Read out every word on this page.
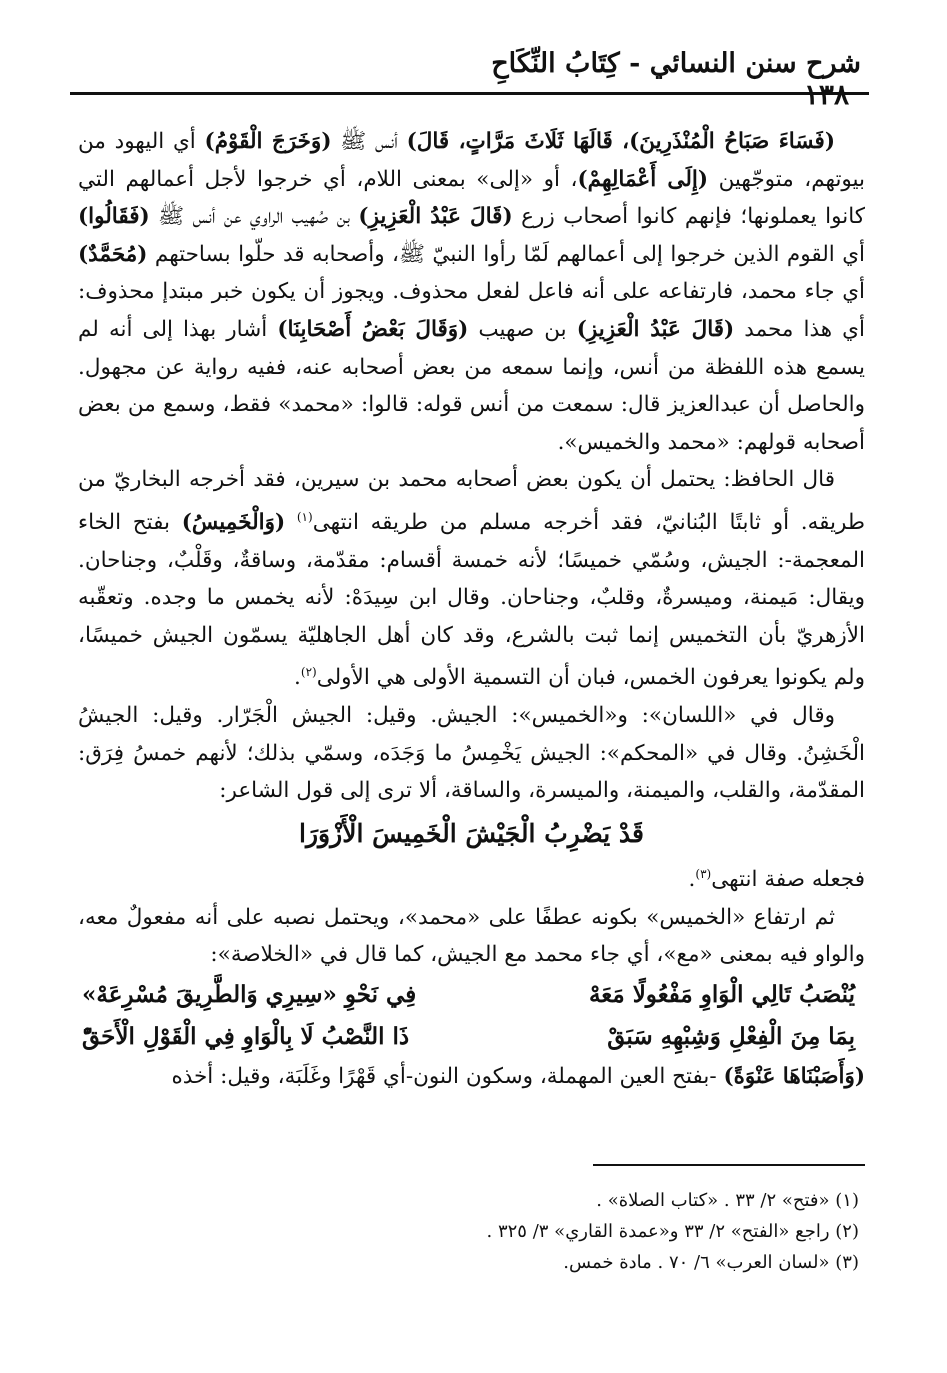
شرح سنن النسائي - كِتَابُ النِّكَاحِ
١٣٨

(فَسَاءَ صَبَاحُ الْمُنْذَرِينَ)، قَالَهَا ثَلَاثَ مَرَّاتٍ، قَالَ) أنس ﷺ (وَخَرَجَ الْقَوْمُ) أي اليهود من بيوتهم، متوجّهين (إِلَى أَعْمَالِهِمْ)، أو «إلى» بمعنى اللام، أي خرجوا لأجل أعمالهم التي كانوا يعملونها؛ فإنهم كانوا أصحاب زرع (قَالَ عَبْدُ الْعَزِيزِ) بن صُهيب الراوي عن أنس ﷺ (فَقَالُوا) أي القوم الذين خرجوا إلى أعمالهم لَمّا رأوا النبيّ ﷺ، وأصحابه قد حلّوا بساحتهم (مُحَمَّدٌ) أي جاء محمد، فارتفاعه على أنه فاعل لفعل محذوف. ويجوز أن يكون خبر مبتدإ محذوف: أي هذا محمد (قَالَ عَبْدُ الْعَزِيزِ) بن صهيب (وَقَالَ بَعْضُ أَصْحَابِنَا) أشار بهذا إلى أنه لم يسمع هذه اللفظة من أنس، وإنما سمعه من بعض أصحابه عنه، ففيه رواية عن مجهول. والحاصل أن عبدالعزيز قال: سمعت من أنس قوله: قالوا: «محمد» فقط، وسمع من بعض أصحابه قولهم: «محمد والخميس».

قال الحافظ: يحتمل أن يكون بعض أصحابه محمد بن سيرين، فقد أخرجه البخاريّ من طريقه. أو ثابتًا البُنانيّ، فقد أخرجه مسلم من طريقه انتهى$^{(١)}$ (وَالْخَمِيسُ) بفتح الخاء المعجمة-: الجيش، وسُمّي خميسًا؛ لأنه خمسة أقسام: مقدّمة، وساقةٌ، وقَلْبٌ، وجناحان. ويقال: مَيمنة، وميسرةٌ، وقلبٌ، وجناحان. وقال ابن سِيدَهْ: لأنه يخمس ما وجده. وتعقّبه الأزهريّ بأن التخميس إنما ثبت بالشرع، وقد كان أهل الجاهليّة يسمّون الجيش خميسًا، ولم يكونوا يعرفون الخمس، فبان أن التسمية الأولى هي الأولى$^{(٢)}$.

وقال في «اللسان»: و«الخميس»: الجيش. وقيل: الجيش الْجَرّار. وقيل: الجيشُ الْخَشِنُ. وقال في «المحكم»: الجيش يَخْمِسُ ما وَجَدَه، وسمّي بذلك؛ لأنهم خمسُ فِرَق: المقدّمة، والقلب، والميمنة، والميسرة، والساقة، ألا ترى إلى قول الشاعر:

قَدْ يَضْرِبُ الْجَيْشَ الْخَمِيسَ الْأَزْوَرَا

فجعله صفة انتهى$^{(٣)}$.

ثم ارتفاع «الخميس» بكونه عطفًا على «محمد»، ويحتمل نصبه على أنه مفعولٌ معه، والواو فيه بمعنى «مع»، أي جاء محمد مع الجيش، كما قال في «الخلاصة»:

يُنْصَبُ تَالِي الْوَاوِ مَفْعُولًا مَعَهْ
فِي نَحْوِ «سِيرِي وَالطَّرِيقَ مُسْرِعَهْ»
بِمَا مِنَ الْفِعْلِ وَشِبْهِهِ سَبَقْ
ذَا النَّصْبُ لَا بِالْوَاوِ فِي الْقَوْلِ الْأَحَقّْ

(وَأَصَبْنَاهَا عَنْوَةً) -بفتح العين المهملة، وسكون النون-أي قَهْرًا وغَلَبَة، وقيل: أخذه

(١) «فتح» ٢/ ٣٣ . «كتاب الصلاة» .
(٢) راجع «الفتح» ٢/ ٣٣ و«عمدة القاري» ٣/ ٣٢٥ .
(٣) «لسان العرب» ٦/ ٧٠ . مادة خمس.
